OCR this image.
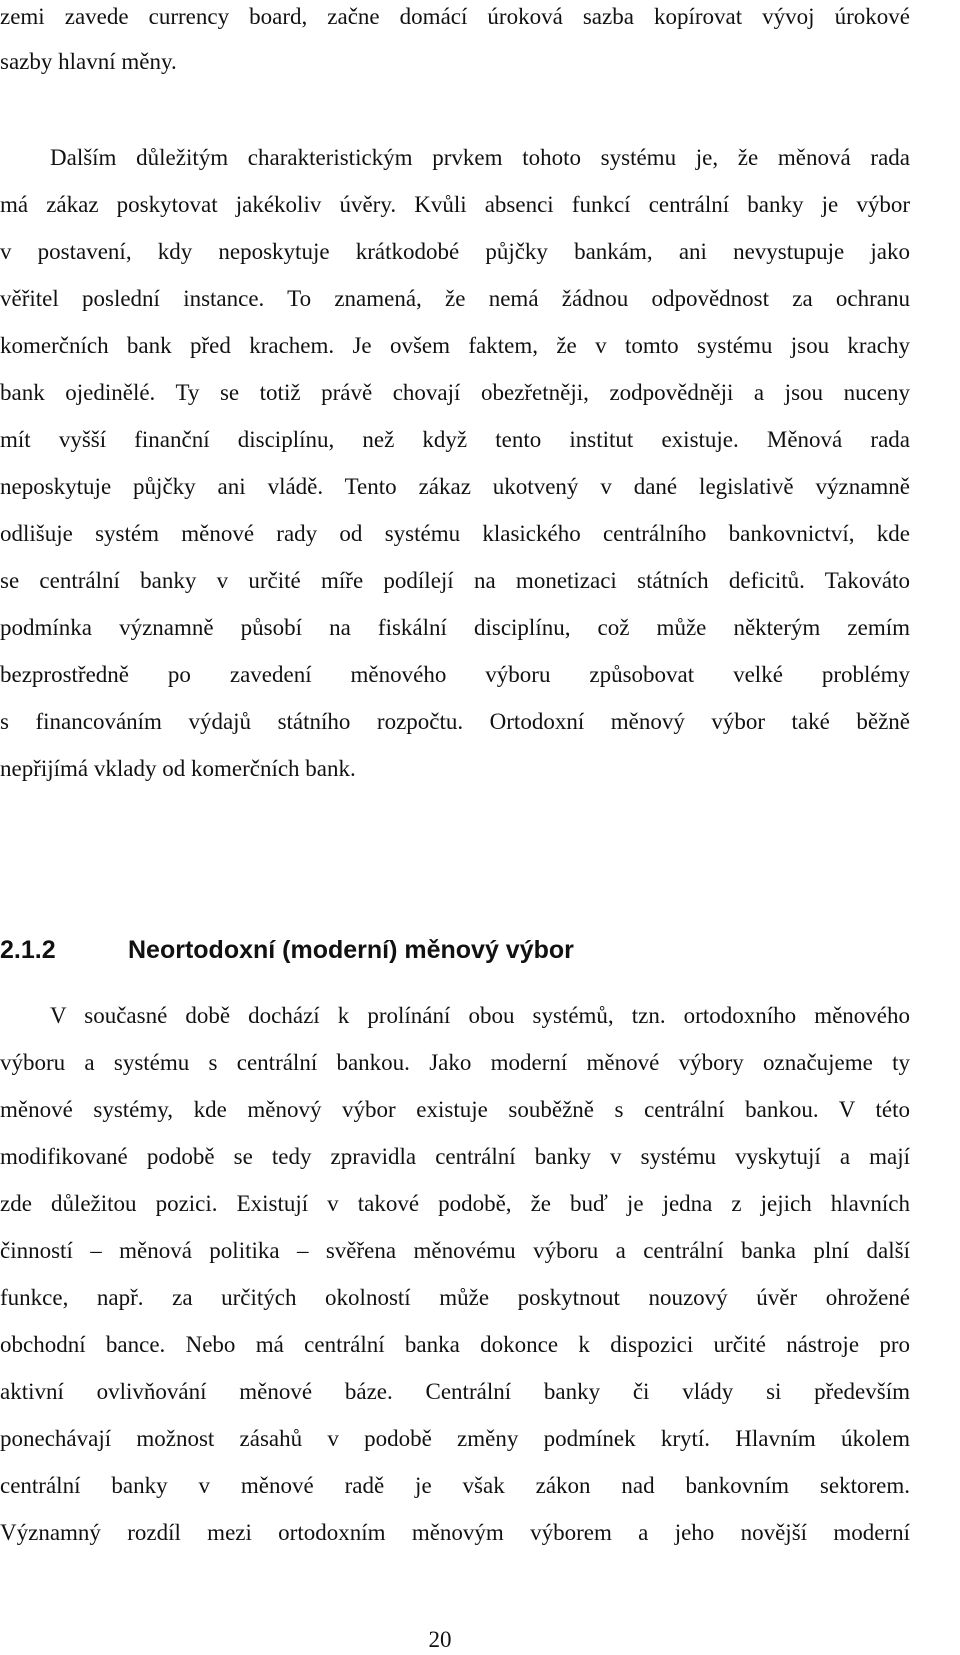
zemi zavede currency board, začne domácí úroková sazba kopírovat vývoj úrokové
sazby hlavní měny.
Dalším důležitým charakteristickým prvkem tohoto systému je, že měnová rada
má zákaz poskytovat jakékoliv úvěry. Kvůli absenci funkcí centrální banky je výbor
v postavení, kdy neposkytuje krátkodobé půjčky bankám, ani nevystupuje jako
věřitel poslední instance. To znamená, že nemá žádnou odpovědnost za ochranu
komerčních bank před krachem. Je ovšem faktem, že v tomto systému jsou krachy
bank ojedinělé. Ty se totiž právě chovají obezřetněji, zodpovědněji a jsou nuceny
mít vyšší finanční disciplínu, než když tento institut existuje. Měnová rada
neposkytuje půjčky ani vládě. Tento zákaz ukotvený v dané legislativě významně
odlišuje systém měnové rady od systému klasického centrálního bankovnictví, kde
se centrální banky v určité míře podílejí na monetizaci státních deficitů. Takováto
podmínka významně působí na fiskální disciplínu, což může některým zemím
bezprostředně po zavedení měnového výboru způsobovat velké problémy
s financováním výdajů státního rozpočtu. Ortodoxní měnový výbor také běžně
nepřijímá vklady od komerčních bank.
2.1.2	Neortodoxní (moderní) měnový výbor
V současné době dochází k prolínání obou systémů, tzn. ortodoxního měnového
výboru a systému s centrální bankou. Jako moderní měnové výbory označujeme ty
měnové systémy, kde měnový výbor existuje souběžně s centrální bankou. V této
modifikované podobě se tedy zpravidla centrální banky v systému vyskytují a mají
zde důležitou pozici. Existují v takové podobě, že buď je jedna z jejich hlavních
činností – měnová politika – svěřena měnovému výboru a centrální banka plní další
funkce, např. za určitých okolností může poskytnout nouzový úvěr ohrožené
obchodní bance. Nebo má centrální banka dokonce k dispozici určité nástroje pro
aktivní ovlivňování měnové báze. Centrální banky či vlády si především
ponechávají možnost zásahů v podobě změny podmínek krytí. Hlavním úkolem
centrální banky v měnové radě je však zákon nad bankovním sektorem.
Významný rozdíl mezi ortodoxním měnovým výborem a jeho novější moderní
20
